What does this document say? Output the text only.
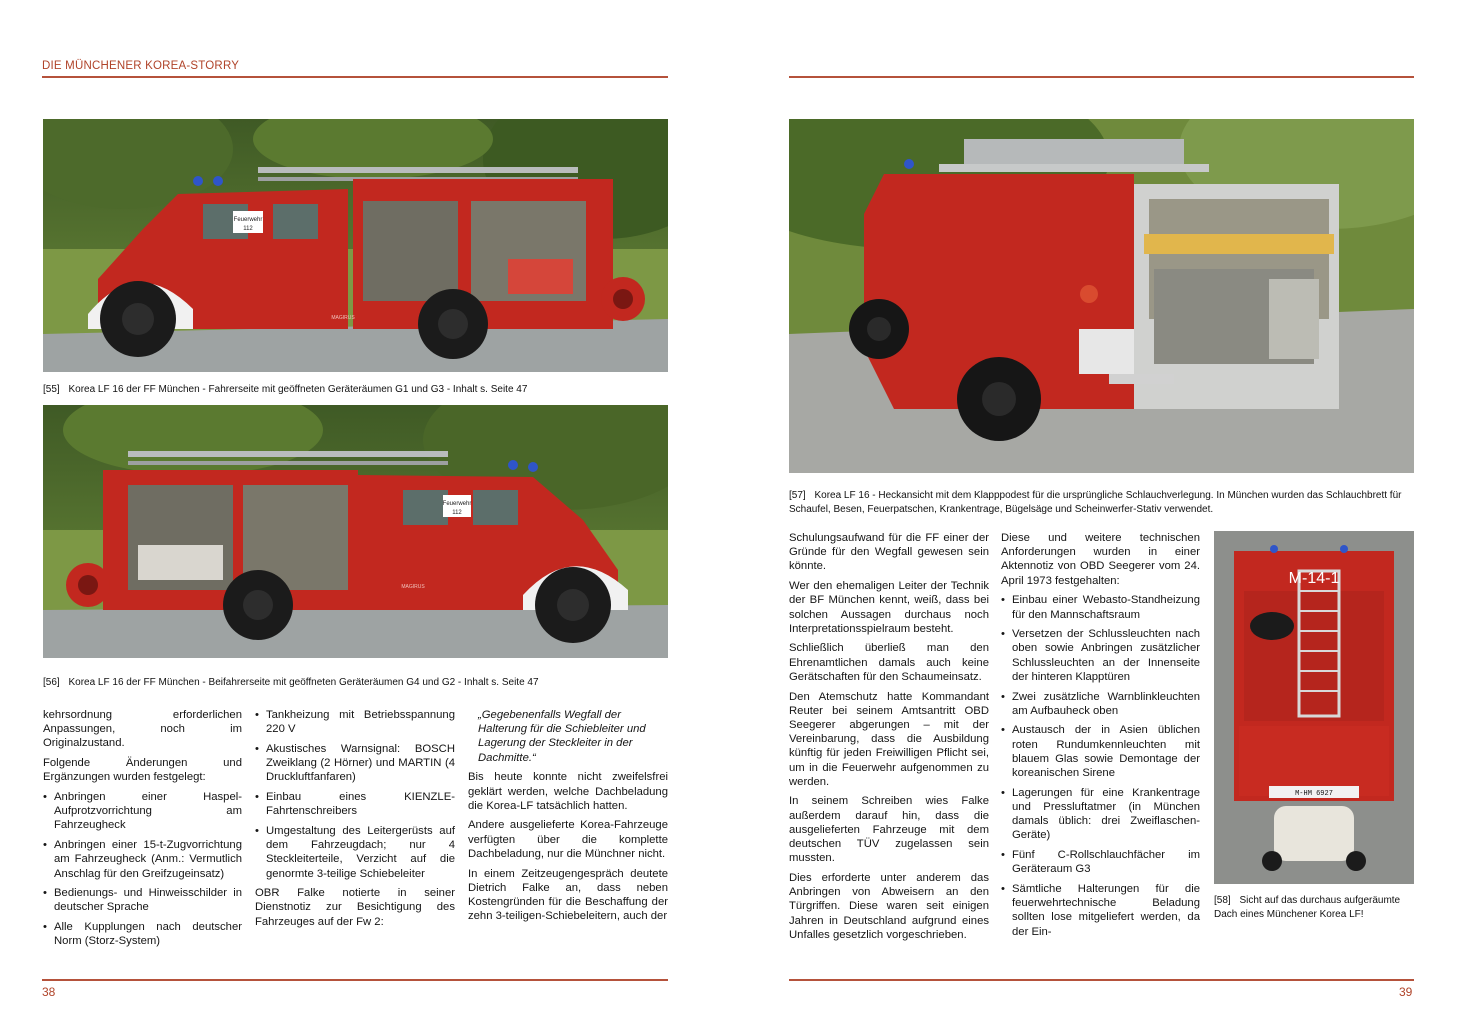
DIE MÜNCHENER KOREA-STORRY
Feuerwehr
112
MAGIRUS
[55] Korea LF 16 der FF München - Fahrerseite mit geöffneten Geräteräumen G1 und G3 - Inhalt s. Seite 47
Feuerwehr
112
MAGIRUS
[56] Korea LF 16 der FF München - Beifahrerseite mit geöffneten Geräteräumen G4 und G2 - Inhalt s. Seite 47

kehrsordnung erforderlichen Anpassungen, noch im Originalzustand.

Folgende Änderungen und Ergänzungen wurden festgelegt:

• Anbringen einer Haspel-Aufprotzvorrichtung am Fahrzeugheck
• Anbringen einer 15-t-Zugvorrichtung am Fahrzeugheck (Anm.: Vermutlich Anschlag für den Greifzugeinsatz)
• Bedienungs- und Hinweisschilder in deutscher Sprache
• Alle Kupplungen nach deutscher Norm (Storz-System)
• Tankheizung mit Betriebsspannung 220 V
• Akustisches Warnsignal: BOSCH Zweiklang (2 Hörner) und MARTIN (4 Druckluftfanfaren)
• Einbau eines KIENZLE-Fahrtenschreibers
• Umgestaltung des Leitergerüsts auf dem Fahrzeugdach; nur 4 Steckleiterteile, Verzicht auf die genormte 3-teilige Schiebeleiter

OBR Falke notierte in seiner Dienstnotiz zur Besichtigung des Fahrzeuges auf der Fw 2:

„Gegebenenfalls Wegfall der Halterung für die Schiebleiter und Lagerung der Steckleiter in der Dachmitte.“

Bis heute konnte nicht zweifelsfrei geklärt werden, welche Dachbeladung die Korea-LF tatsächlich hatten.

Andere ausgelieferte Korea-Fahrzeuge verfügten über die komplette Dachbeladung, nur die Münchner nicht.

In einem Zeitzeugengespräch deutete Dietrich Falke an, dass neben Kostengründen für die Beschaffung der zehn 3-teiligen-Schiebeleitern, auch der

38
[57] Korea LF 16 - Heckansicht mit dem Klapppodest für die ursprüngliche Schlauchverlegung. In München wurden das Schlauchbrett für Schaufel, Besen, Feuerpatschen, Krankentrage, Bügelsäge und Scheinwerfer-Stativ verwendet.

Schulungsaufwand für die FF einer der Gründe für den Wegfall gewesen sein könnte.

Wer den ehemaligen Leiter der Technik der BF München kennt, weiß, dass bei solchen Aussagen durchaus noch Interpretationsspielraum besteht.

Schließlich überließ man den Ehrenamtlichen damals auch keine Gerätschaften für den Schaumeinsatz.

Den Atemschutz hatte Kommandant Reuter bei seinem Amtsantritt OBD Seegerer abgerungen – mit der Vereinbarung, dass die Ausbildung künftig für jeden Freiwilligen Pflicht sei, um in die Feuerwehr aufgenommen zu werden.

In seinem Schreiben wies Falke außerdem darauf hin, dass die ausgelieferten Fahrzeuge mit dem deutschen TÜV zugelassen sein mussten.

Dies erforderte unter anderem das Anbringen von Abweisern an den Türgriffen. Diese waren seit einigen Jahren in Deutschland aufgrund eines Unfalles gesetzlich vorgeschrieben.

Diese und weitere technischen Anforderungen wurden in einer Aktennotiz von OBD Seegerer vom 24. April 1973 festgehalten:

• Einbau einer Webasto-Standheizung für den Mannschaftsraum
• Versetzen der Schlussleuchten nach oben sowie Anbringen zusätzlicher Schlussleuchten an der Innenseite der hinteren Klapptüren
• Zwei zusätzliche Warnblinkleuchten am Aufbauheck oben
• Austausch der in Asien üblichen roten Rundumkennleuchten mit blauem Glas sowie Demontage der koreanischen Sirene
• Lagerungen für eine Krankentrage und Pressluftatmer (in München damals üblich: drei Zweiflaschen-Geräte)
• Fünf C-Rollschlauchfächer im Geräteraum G3
• Sämtliche Halterungen für die feuerwehrtechnische Beladung sollten lose mitgeliefert werden, da der Ein-
M-14-1
M-HM 6927
[58] Sicht auf das durchaus aufgeräumte Dach eines Münchener Korea LF!
39
